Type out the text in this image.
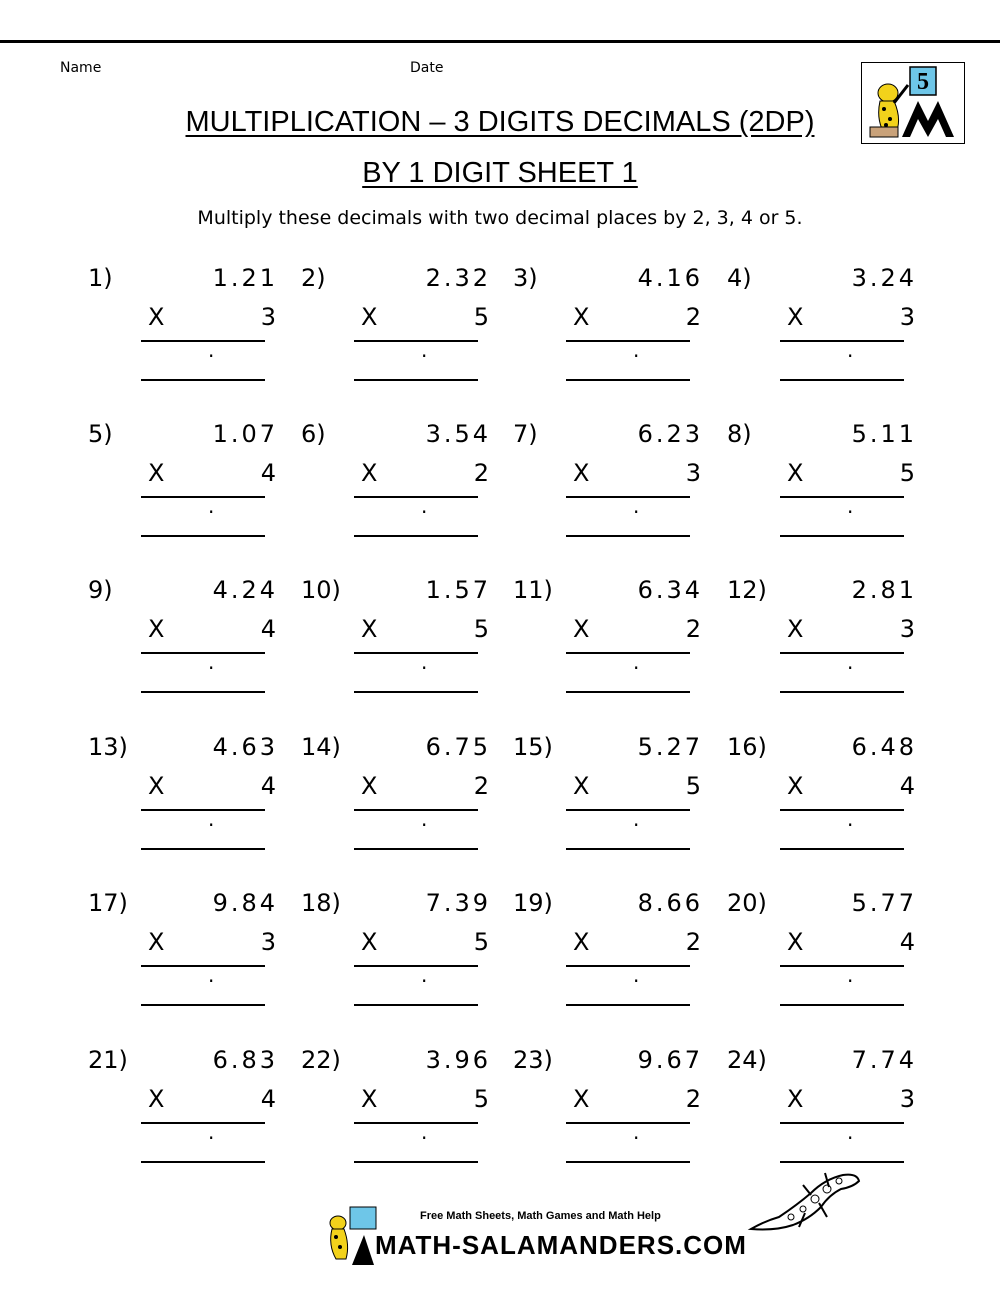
Name	Date
5
MULTIPLICATION – 3 DIGITS DECIMALS (2DP)
BY 1 DIGIT SHEET 1
Multiply these decimals with two decimal places by 2, 3, 4 or 5.
1)	1.21
X	3
.
2)	2.32
X	5
.
3)	4.16
X	2
.
4)	3.24
X	3
.
5)	1.07
X	4
.
6)	3.54
X	2
.
7)	6.23
X	3
.
8)	5.11
X	5
.
9)	4.24
X	4
.
10)	1.57
X	5
.
11)	6.34
X	2
.
12)	2.81
X	3
.
13)	4.63
X	4
.
14)	6.75
X	2
.
15)	5.27
X	5
.
16)	6.48
X	4
.
17)	9.84
X	3
.
18)	7.39
X	5
.
19)	8.66
X	2
.
20)	5.77
X	4
.
21)	6.83
X	4
.
22)	3.96
X	5
.
23)	9.67
X	2
.
24)	7.74
X	3
.
Free Math Sheets, Math Games and Math Help
MATH-SALAMANDERS.COM
